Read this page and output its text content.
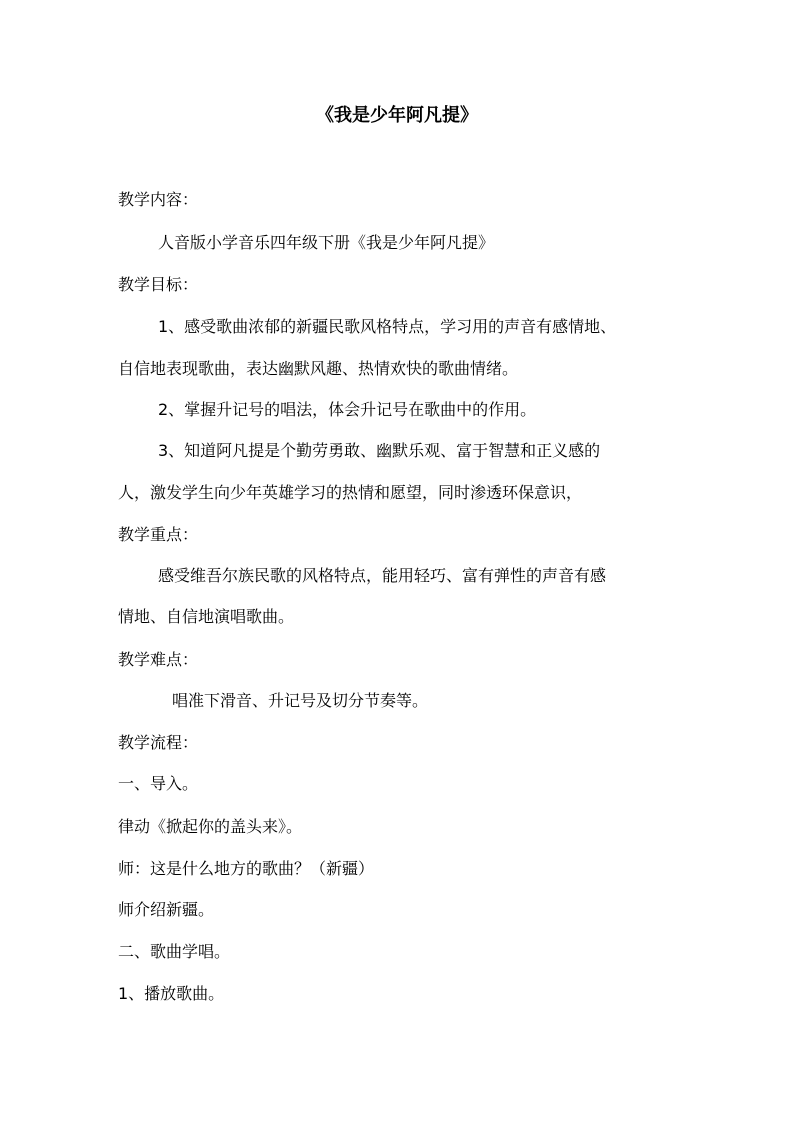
《我是少年阿凡提》

教学内容：

人音版小学音乐四年级下册《我是少年阿凡提》

教学目标：

1、感受歌曲浓郁的新疆民歌风格特点，学习用的声音有感情地、

自信地表现歌曲，表达幽默风趣、热情欢快的歌曲情绪。

2、掌握升记号的唱法，体会升记号在歌曲中的作用。

3、知道阿凡提是个勤劳勇敢、幽默乐观、富于智慧和正义感的

人，激发学生向少年英雄学习的热情和愿望，同时渗透环保意识，

教学重点：

感受维吾尔族民歌的风格特点，能用轻巧、富有弹性的声音有感

情地、自信地演唱歌曲。

教学难点：

唱准下滑音、升记号及切分节奏等。

教学流程：

一、导入。

律动《掀起你的盖头来》。

师：这是什么地方的歌曲？（新疆）

师介绍新疆。

二、歌曲学唱。

1、播放歌曲。
